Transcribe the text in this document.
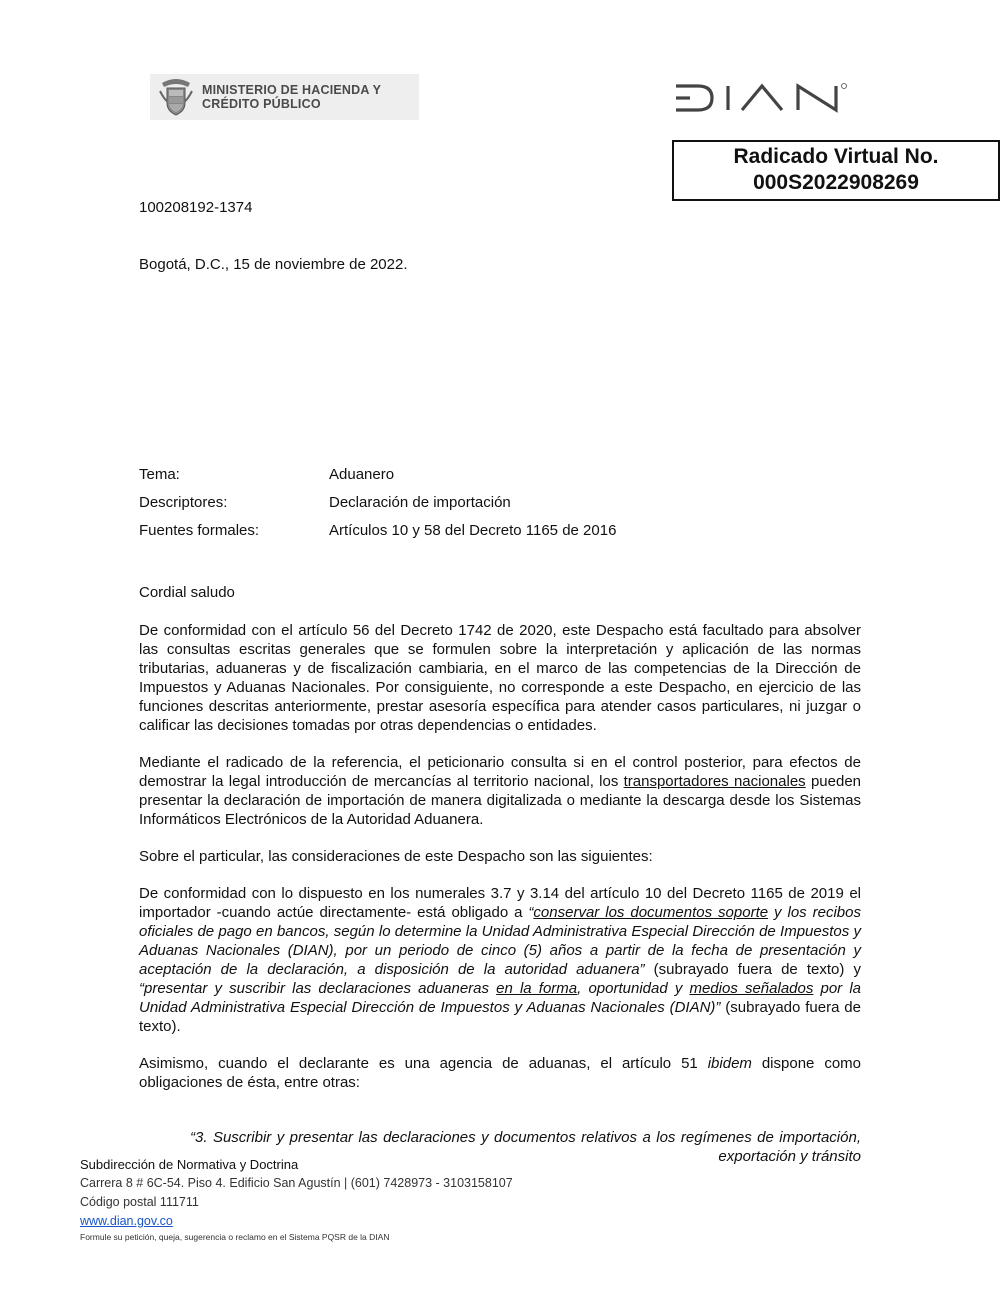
MINISTERIO DE HACIENDA Y
CRÉDITO PÚBLICO
DIAN
Radicado Virtual No.
000S2022908269
100208192-1374
Bogotá, D.C., 15 de noviembre de 2022.
Tema:	Aduanero
Descriptores:	Declaración de importación
Fuentes formales:	Artículos 10 y 58 del Decreto 1165 de 2016

Cordial saludo

De conformidad con el artículo 56 del Decreto 1742 de 2020, este Despacho está facultado para absolver las consultas escritas generales que se formulen sobre la interpretación y aplicación de las normas tributarias, aduaneras y de fiscalización cambiaria, en el marco de las competencias de la Dirección de Impuestos y Aduanas Nacionales. Por consiguiente, no corresponde a este Despacho, en ejercicio de las funciones descritas anteriormente, prestar asesoría específica para atender casos particulares, ni juzgar o calificar las decisiones tomadas por otras dependencias o entidades.

Mediante el radicado de la referencia, el peticionario consulta si en el control posterior, para efectos de demostrar la legal introducción de mercancías al territorio nacional, los transportadores nacionales pueden presentar la declaración de importación de manera digitalizada o mediante la descarga desde los Sistemas Informáticos Electrónicos de la Autoridad Aduanera.

Sobre el particular, las consideraciones de este Despacho son las siguientes:

De conformidad con lo dispuesto en los numerales 3.7 y 3.14 del artículo 10 del Decreto 1165 de 2019 el importador -cuando actúe directamente- está obligado a “conservar los documentos soporte y los recibos oficiales de pago en bancos, según lo determine la Unidad Administrativa Especial Dirección de Impuestos y Aduanas Nacionales (DIAN), por un periodo de cinco (5) años a partir de la fecha de presentación y aceptación de la declaración, a disposición de la autoridad aduanera” (subrayado fuera de texto) y “presentar y suscribir las declaraciones aduaneras en la forma, oportunidad y medios señalados por la Unidad Administrativa Especial Dirección de Impuestos y Aduanas Nacionales (DIAN)” (subrayado fuera de texto).

Asimismo, cuando el declarante es una agencia de aduanas, el artículo 51 ibidem dispone como obligaciones de ésta, entre otras:

“3. Suscribir y presentar las declaraciones y documentos relativos a los regímenes de importación, exportación y tránsito
Subdirección de Normativa y Doctrina
Carrera 8 # 6C-54. Piso 4. Edificio San Agustín | (601) 7428973 - 3103158107
Código postal 111711
www.dian.gov.co
Formule su petición, queja, sugerencia o reclamo en el Sistema PQSR de la DIAN
